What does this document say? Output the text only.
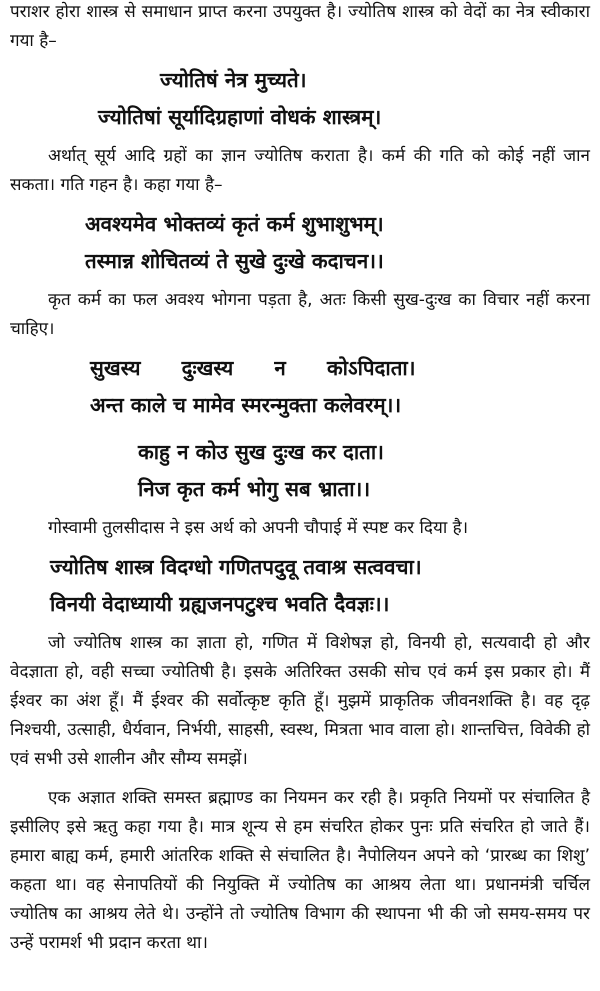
पराशर होरा शास्त्र से समाधान प्राप्त करना उपयुक्त है। ज्योतिष शास्त्र को वेदों का नेत्र स्वीकारा गया है–

ज्योतिषं नेत्र मुच्यते।

ज्योतिषां सूर्यादिग्रहाणां वोधकं शास्त्रम्।

अर्थात् सूर्य आदि ग्रहों का ज्ञान ज्योतिष कराता है। कर्म की गति को कोई नहीं जान सकता। गति गहन है। कहा गया है–

अवश्यमेव भोक्तव्यं कृतं कर्म शुभाशुभम्।

तस्मान्न शोचितव्यं ते सुखे दुःखे कदाचन।।

कृत कर्म का फल अवश्य भोगना पड़ता है, अतः किसी सुख-दुःख का विचार नहीं करना चाहिए।

सुखस्य दुःखस्य न कोऽपिदाता।

अन्त काले च मामेव स्मरन्मुक्ता कलेवरम्।।

काहु न कोउ सुख दुःख कर दाता।

निज कृत कर्म भोगु सब भ्राता।।

गोस्वामी तुलसीदास ने इस अर्थ को अपनी चौपाई में स्पष्ट कर दिया है।

ज्योतिष शास्त्र विदग्धो गणितपदुवू तवाश्र सत्ववचा।

विनयी वेदाध्यायी ग्रह्यजनपटुश्च भवति दैवज्ञः।।

जो ज्योतिष शास्त्र का ज्ञाता हो, गणित में विशेषज्ञ हो, विनयी हो, सत्यवादी हो और वेदज्ञाता हो, वही सच्चा ज्योतिषी है। इसके अतिरिक्त उसकी सोच एवं कर्म इस प्रकार हो। मैं ईश्वर का अंश हूँ। मैं ईश्वर की सर्वोत्कृष्ट कृति हूँ। मुझमें प्राकृतिक जीवनशक्ति है। वह दृढ़ निश्चयी, उत्साही, धैर्यवान, निर्भयी, साहसी, स्वस्थ, मित्रता भाव वाला हो। शान्तचित्त, विवेकी हो एवं सभी उसे शालीन और सौम्य समझें।

एक अज्ञात शक्ति समस्त ब्रह्माण्ड का नियमन कर रही है। प्रकृति नियमों पर संचालित है इसीलिए इसे ऋतु कहा गया है। मात्र शून्य से हम संचरित होकर पुनः प्रति संचरित हो जाते हैं। हमारा बाह्य कर्म, हमारी आंतरिक शक्ति से संचालित है। नैपोलियन अपने को ‘प्रारब्ध का शिशु’ कहता था। वह सेनापतियों की नियुक्ति में ज्योतिष का आश्रय लेता था। प्रधानमंत्री चर्चिल ज्योतिष का आश्रय लेते थे। उन्होंने तो ज्योतिष विभाग की स्थापना भी की जो समय-समय पर उन्हें परामर्श भी प्रदान करता था।
